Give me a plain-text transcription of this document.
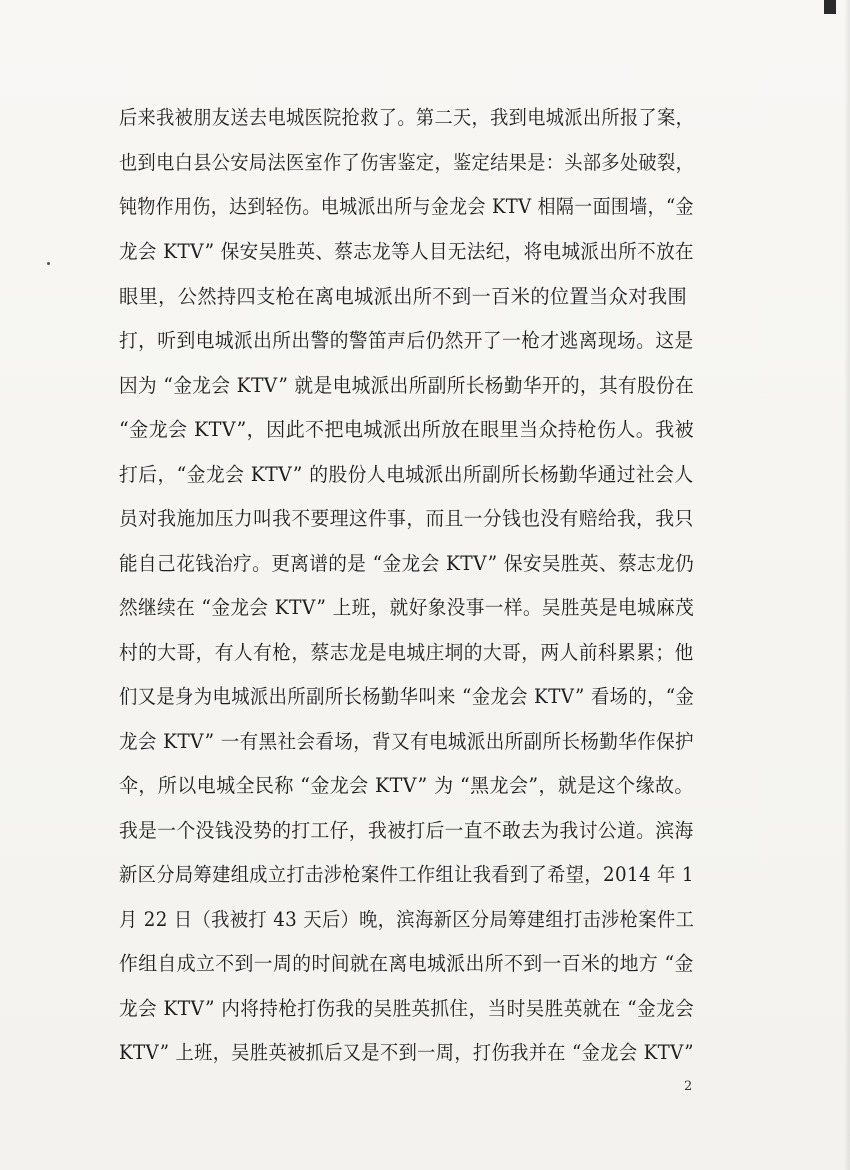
后来我被朋友送去电城医院抢救了。第二天，我到电城派出所报了案，
也到电白县公安局法医室作了伤害鉴定，鉴定结果是：头部多处破裂，
钝物作用伤，达到轻伤。电城派出所与金龙会 KTV 相隔一面围墙，“金
龙会 KTV” 保安吴胜英、蔡志龙等人目无法纪，将电城派出所不放在
眼里，公然持四支枪在离电城派出所不到一百米的位置当众对我围
打，听到电城派出所出警的警笛声后仍然开了一枪才逃离现场。这是
因为 “金龙会 KTV” 就是电城派出所副所长杨勤华开的，其有股份在
“金龙会 KTV”，因此不把电城派出所放在眼里当众持枪伤人。我被
打后，“金龙会 KTV” 的股份人电城派出所副所长杨勤华通过社会人
员对我施加压力叫我不要理这件事，而且一分钱也没有赔给我，我只
能自己花钱治疗。更离谱的是 “金龙会 KTV” 保安吴胜英、蔡志龙仍
然继续在 “金龙会 KTV” 上班，就好象没事一样。吴胜英是电城麻茂
村的大哥，有人有枪，蔡志龙是电城庄垌的大哥，两人前科累累；他
们又是身为电城派出所副所长杨勤华叫来 “金龙会 KTV” 看场的，“金
龙会 KTV” 一有黑社会看场，背又有电城派出所副所长杨勤华作保护
伞，所以电城全民称 “金龙会 KTV” 为 “黑龙会”，就是这个缘故。
我是一个没钱没势的打工仔，我被打后一直不敢去为我讨公道。滨海
新区分局筹建组成立打击涉枪案件工作组让我看到了希望，2014 年 1
月 22 日（我被打 43 天后）晚，滨海新区分局筹建组打击涉枪案件工
作组自成立不到一周的时间就在离电城派出所不到一百米的地方 “金
龙会 KTV” 内将持枪打伤我的吴胜英抓住，当时吴胜英就在 “金龙会
KTV” 上班，吴胜英被抓后又是不到一周，打伤我并在 “金龙会 KTV”
2
